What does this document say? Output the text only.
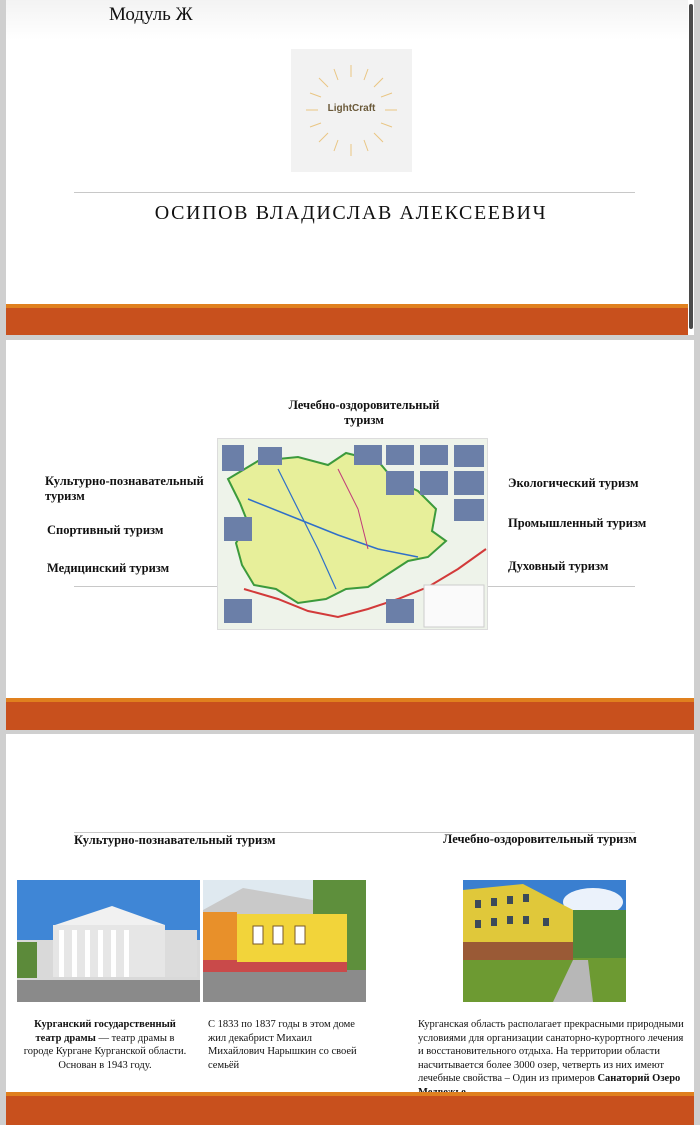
Модуль Ж
LightCraft
ОСИПОВ ВЛАДИСЛАВ АЛЕКСЕЕВИЧ
Лечебно-оздоровительный туризм
Культурно-познавательный туризм
Спортивный туризм
Медицинский туризм
Экологический туризм
Промышленный туризм
Духовный туризм
Культурно-познавательный туризм	Лечебно-оздоровительный туризм
Курганский государственный театр драмы — театр драмы в городе Кургане Курганской области. Основан в 1943 году.
С 1833 по 1837 годы в этом доме жил декабрист Михаил Михайлович Нарышкин со своей семьёй
Курганская область располагает прекрасными природными условиями для организации санаторно-курортного лечения и восстановительного отдыха. На территории области насчитывается более 3000 озер, четверть из них имеют лечебные свойства – Один из примеров Санаторий Озеро
